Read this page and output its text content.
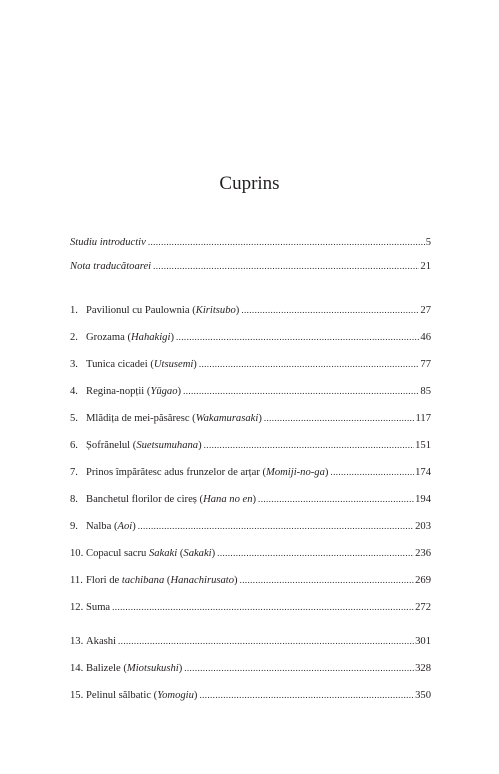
Cuprins
Studiu introductiv .....	5
Nota traducătoarei .....	21
1. Pavilionul cu Paulownia (Kiritsubo) .....	27
2. Grozama (Hahakigi) .....	46
3. Tunica cicadei (Utsusemi) .....	77
4. Regina-nopții (Yūgao) .....	85
5. Mlădița de mei-păsăresc (Wakamurasaki) .....	117
6. Șofrănelul (Suetsumuhana) .....	151
7. Prinos împărătesc adus frunzelor de arțar (Momiji-no-ga) .....	174
8. Banchetul florilor de cireș (Hana no en) .....	194
9. Nalba (Aoi) .....	203
10. Copacul sacru Sakaki (Sakaki) .....	236
11. Flori de tachibana (Hanachirusato) .....	269
12. Suma .....	272
13. Akashi .....	301
14. Balizele (Miotsukushi) .....	328
15. Pelinul sălbatic (Yomogiu) .....	350
